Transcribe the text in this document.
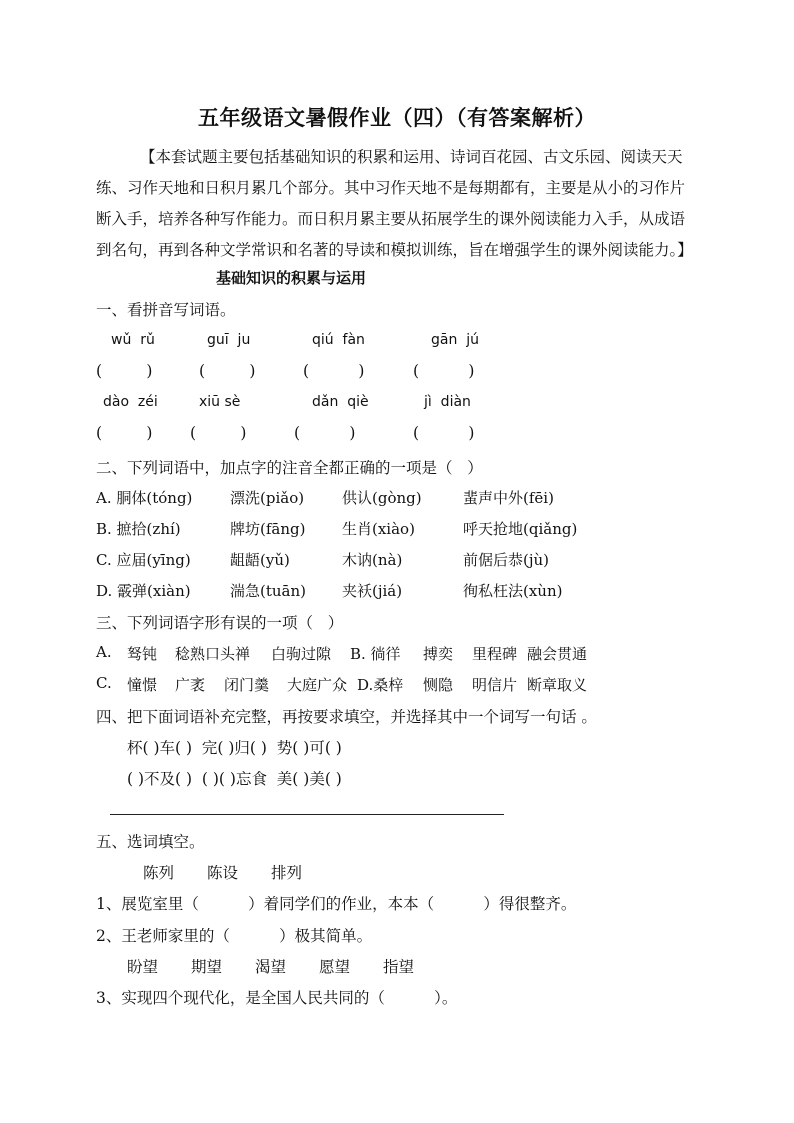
五年级语文暑假作业（四）（有答案解析）
【本套试题主要包括基础知识的积累和运用、诗词百花园、古文乐园、阅读天天
练、习作天地和日积月累几个部分。其中习作天地不是每期都有，主要是从小的习作片
断入手，培养各种写作能力。而日积月累主要从拓展学生的课外阅读能力入手，从成语
到名句，再到各种文学常识和名著的导读和模拟训练，旨在增强学生的课外阅读能力。】
基础知识的积累与运用
一、看拼音写词语。
wǔ  rǔ	guī  ju	qiú  fàn	gān  jú
(         )	(         )	(          )	(          )
dào  zéi	xiū sè	dǎn  qiè	jì  diàn
(         ) (         )	(          )	(          )
二、下列词语中，加点字的注音全都正确的一项是（   ）
A. 胴体(tóng)	漂洗(piǎo)	供认(gòng)	蜚声中外(fēi)
B. 摭拾(zhí)	牌坊(fāng) 生肖(xiào)	呼天抢地(qiǎng)
C. 应届(yīng)	龃龉(yǔ)	木讷(nà)	前倨后恭(jù)
D. 霰弹(xiàn)	湍急(tuān) 夹袄(jiá)	徇私枉法(xùn)
三、下列词语字形有误的一项（   ）
A. 驽钝 稔熟口头禅 白驹过隙 B. 徜徉 搏奕 里程碑 融会贯通
C. 憧憬 广袤 闭门羹 大庭广众 D.桑梓 恻隐 明信片 断章取义
四、把下面词语补充完整，再按要求填空，并选择其中一个词写一句话 。
杯( )车( )  完( )归( )  势( )可( )
( )不及( )  ( )( )忘食  美( )美( )
五、选词填空。
陈列 陈设 排列
1、展览室里（          ）着同学们的作业，本本（          ）得很整齐。
2、王老师家里的（          ）极其简单。
盼望 期望 渴望 愿望 指望
3、实现四个现代化，是全国人民共同的（          ）。
